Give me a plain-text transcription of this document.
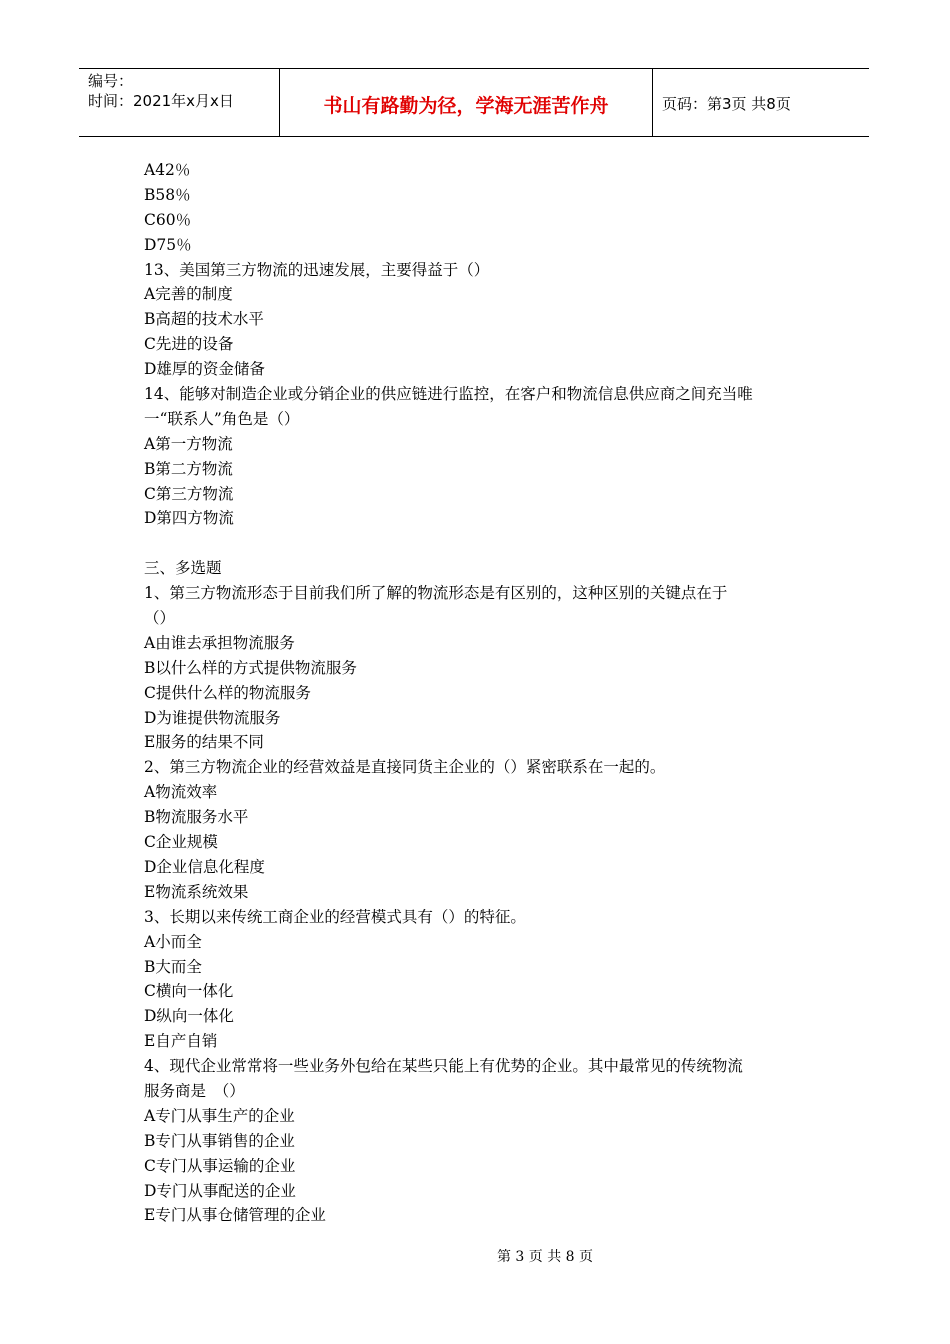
编号：
时间：2021年x月x日	书山有路勤为径，学海无涯苦作舟	页码：第3页 共8页
A42％
B58％
C60％
D75％
13、美国第三方物流的迅速发展，主要得益于（）
A完善的制度
B高超的技术水平
C先进的设备
D雄厚的资金储备
14、能够对制造企业或分销企业的供应链进行监控，在客户和物流信息供应商之间充当唯
一“联系人”角色是（）
A第一方物流
B第二方物流
C第三方物流
D第四方物流
三、多选题
1、第三方物流形态于目前我们所了解的物流形态是有区别的，这种区别的关键点在于
（）
A由谁去承担物流服务
B以什么样的方式提供物流服务
C提供什么样的物流服务
D为谁提供物流服务
E服务的结果不同
2、第三方物流企业的经营效益是直接同货主企业的（）紧密联系在一起的。
A物流效率
B物流服务水平
C企业规模
D企业信息化程度
E物流系统效果
3、长期以来传统工商企业的经营模式具有（）的特征。
A小而全
B大而全
C横向一体化
D纵向一体化
E自产自销
4、现代企业常常将一些业务外包给在某些只能上有优势的企业。其中最常见的传统物流
服务商是　（）
A专门从事生产的企业
B专门从事销售的企业
C专门从事运输的企业
D专门从事配送的企业
E专门从事仓储管理的企业
第 3 页 共 8 页
